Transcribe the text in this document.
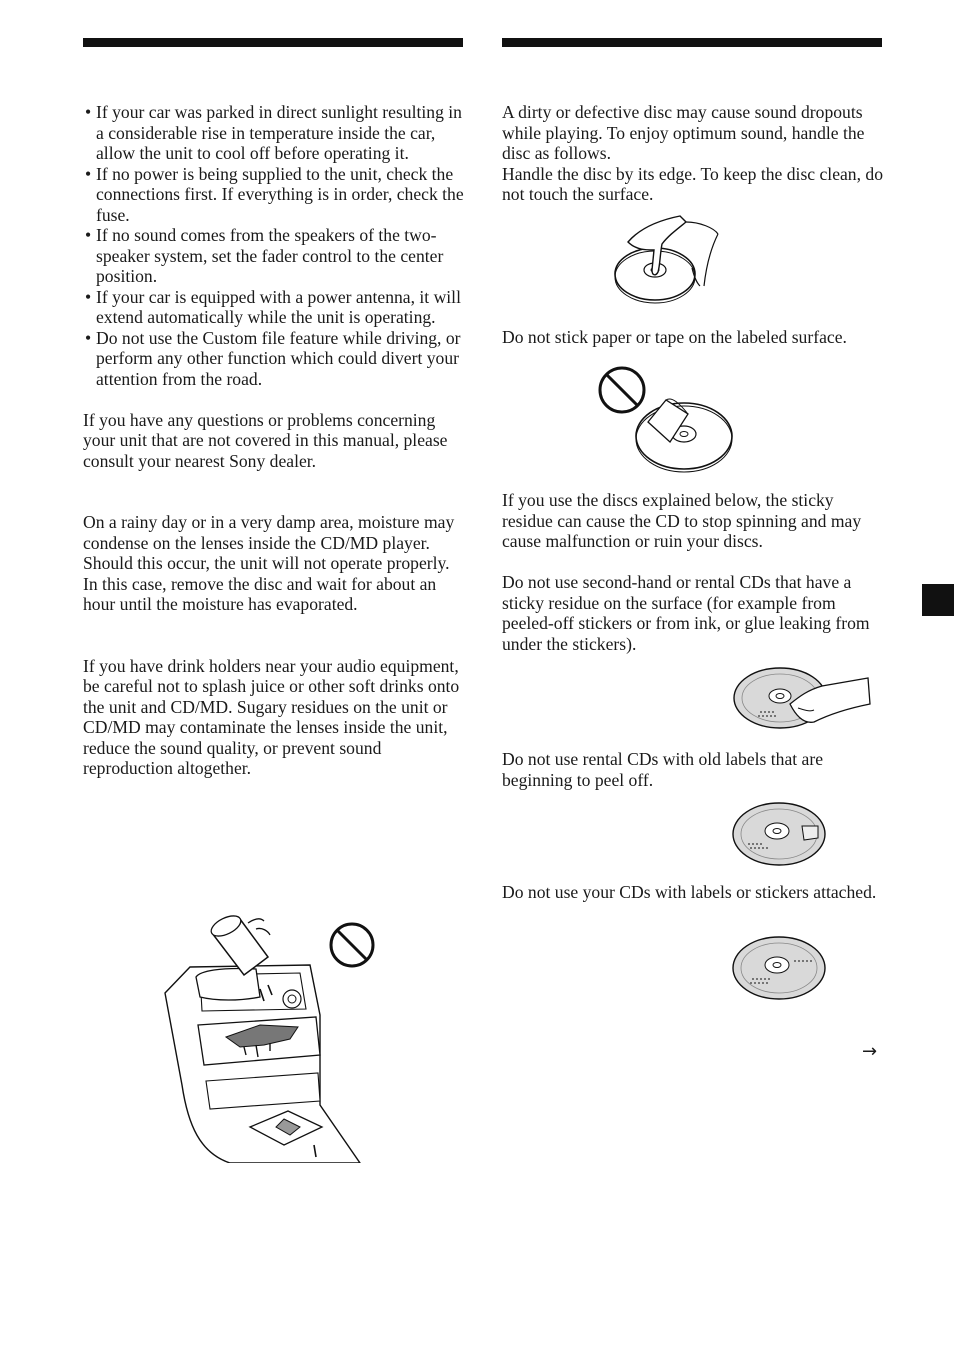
• If your car was parked in direct sunlight resulting in a considerable rise in temperature inside the car, allow the unit to cool off before operating it.
• If no power is being supplied to the unit, check the connections first. If everything is in order, check the fuse.
• If no sound comes from the speakers of the two-speaker system, set the fader control to the center position.
• If your car is equipped with a power antenna, it will extend automatically while the unit is operating.
• Do not use the Custom file feature while driving, or perform any other function which could divert your attention from the road.

If you have any questions or problems concerning your unit that are not covered in this manual, please consult your nearest Sony dealer.

On a rainy day or in a very damp area, moisture may condense on the lenses inside the CD/MD player. Should this occur, the unit will not operate properly. In this case, remove the disc and wait for about an hour until the moisture has evaporated.

If you have drink holders near your audio equipment, be careful not to splash juice or other soft drinks onto the unit and CD/MD. Sugary residues on the unit or CD/MD may contaminate the lenses inside the unit, reduce the sound quality, or prevent sound reproduction altogether.

A dirty or defective disc may cause sound dropouts while playing. To enjoy optimum sound, handle the disc as follows.

Handle the disc by its edge. To keep the disc clean, do not touch the surface.

Do not stick paper or tape on the labeled surface.

If you use the discs explained below, the sticky residue can cause the CD to stop spinning and may cause malfunction or ruin your discs.

Do not use second-hand or rental CDs that have a sticky residue on the surface (for example from peeled-off stickers or from ink, or glue leaking from under the stickers).

Do not use rental CDs with old labels that are beginning to peel off.

Do not use your CDs with labels or stickers attached.

→
